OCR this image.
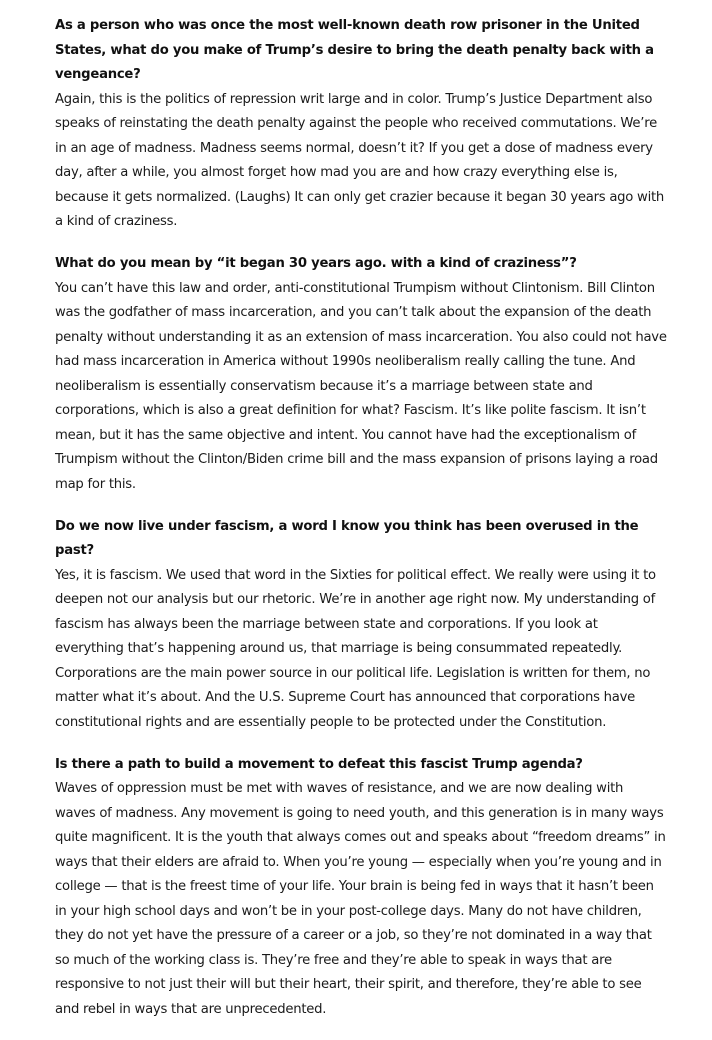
As a person who was once the most well-known death row prisoner in the United States, what do you make of Trump’s desire to bring the death penalty back with a vengeance?

Again, this is the politics of repression writ large and in color. Trump’s Justice Department also speaks of reinstating the death penalty against the people who received commutations. We’re in an age of madness. Madness seems normal, doesn’t it? If you get a dose of madness every day, after a while, you almost forget how mad you are and how crazy everything else is, because it gets normalized. (Laughs) It can only get crazier because it began 30 years ago with a kind of craziness.

What do you mean by “it began 30 years ago. with a kind of craziness”?

You can’t have this law and order, anti-constitutional Trumpism without Clintonism. Bill Clinton was the godfather of mass incarceration, and you can’t talk about the expansion of the death penalty without understanding it as an extension of mass incarceration. You also could not have had mass incarceration in America without 1990s neoliberalism really calling the tune. And neoliberalism is essentially conservatism because it’s a marriage between state and corporations, which is also a great definition for what? Fascism. It’s like polite fascism. It isn’t mean, but it has the same objective and intent. You cannot have had the exceptionalism of Trumpism without the Clinton/Biden crime bill and the mass expansion of prisons laying a road map for this.

Do we now live under fascism, a word I know you think has been overused in the past?

Yes, it is fascism. We used that word in the Sixties for political effect. We really were using it to deepen not our analysis but our rhetoric. We’re in another age right now. My understanding of fascism has always been the marriage between state and corporations. If you look at everything that’s happening around us, that marriage is being consummated repeatedly. Corporations are the main power source in our political life. Legislation is written for them, no matter what it’s about. And the U.S. Supreme Court has announced that corporations have constitutional rights and are essentially people to be protected under the Constitution.

Is there a path to build a movement to defeat this fascist Trump agenda?

Waves of oppression must be met with waves of resistance, and we are now dealing with waves of madness. Any movement is going to need youth, and this generation is in many ways quite magnificent. It is the youth that always comes out and speaks about “freedom dreams” in ways that their elders are afraid to. When you’re young — especially when you’re young and in college — that is the freest time of your life. Your brain is being fed in ways that it hasn’t been in your high school days and won’t be in your post-college days. Many do not have children, they do not yet have the pressure of a career or a job, so they’re not dominated in a way that so much of the working class is. They’re free and they’re able to speak in ways that are responsive to not just their will but their heart, their spirit, and therefore, they’re able to see and rebel in ways that are unprecedented.
